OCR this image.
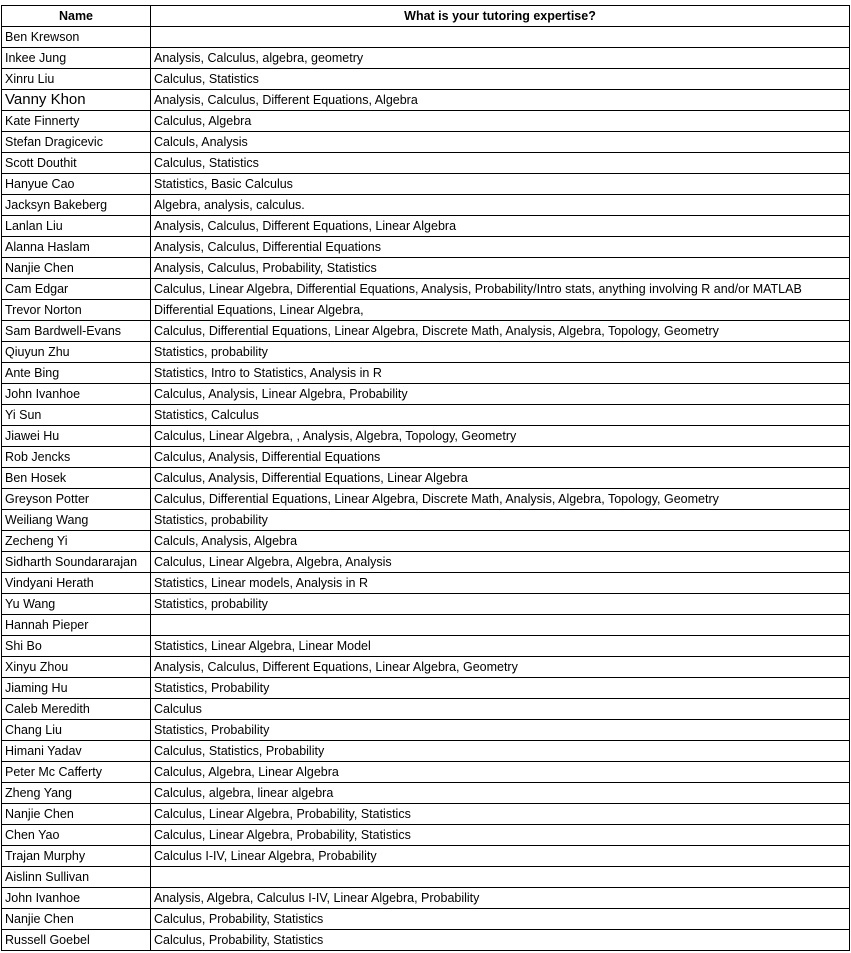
Name	What is your tutoring expertise?
Ben Krewson	
Inkee Jung	Analysis, Calculus, algebra, geometry
Xinru Liu	Calculus, Statistics
Vanny Khon	Analysis, Calculus, Different Equations, Algebra
Kate Finnerty	Calculus, Algebra
Stefan Dragicevic	Calculs, Analysis
Scott Douthit	Calculus, Statistics
Hanyue Cao	Statistics, Basic Calculus
Jacksyn Bakeberg	Algebra, analysis, calculus.
Lanlan Liu	Analysis, Calculus, Different Equations, Linear Algebra
Alanna Haslam	Analysis, Calculus, Differential Equations
Nanjie Chen	Analysis, Calculus, Probability, Statistics
Cam Edgar	Calculus, Linear Algebra, Differential Equations, Analysis, Probability/Intro stats, anything involving R and/or MATLAB
Trevor Norton	Differential Equations, Linear Algebra,
Sam Bardwell-Evans	Calculus, Differential Equations, Linear Algebra, Discrete Math, Analysis, Algebra, Topology, Geometry
Qiuyun Zhu	Statistics, probability
Ante Bing	Statistics, Intro to Statistics, Analysis in R
John Ivanhoe	Calculus, Analysis, Linear Algebra, Probability
Yi Sun	Statistics, Calculus
Jiawei Hu	Calculus, Linear Algebra, , Analysis, Algebra, Topology, Geometry
Rob Jencks	Calculus, Analysis, Differential Equations
Ben Hosek	Calculus, Analysis, Differential Equations, Linear Algebra
Greyson Potter	Calculus, Differential Equations, Linear Algebra, Discrete Math, Analysis, Algebra, Topology, Geometry
Weiliang Wang	Statistics, probability
Zecheng Yi	Calculs, Analysis, Algebra
Sidharth Soundararajan	Calculus, Linear Algebra, Algebra, Analysis
Vindyani Herath	Statistics, Linear models, Analysis in R
Yu Wang	Statistics, probability
Hannah Pieper	
Shi Bo	Statistics, Linear Algebra, Linear Model
Xinyu Zhou	Analysis, Calculus, Different Equations, Linear Algebra, Geometry
Jiaming Hu	Statistics, Probability
Caleb Meredith	Calculus
Chang Liu	Statistics, Probability
Himani Yadav	Calculus, Statistics, Probability
Peter Mc Cafferty	Calculus, Algebra, Linear Algebra
Zheng Yang	Calculus, algebra, linear algebra
Nanjie Chen	Calculus, Linear Algebra, Probability, Statistics
Chen Yao	Calculus, Linear Algebra, Probability, Statistics
Trajan Murphy	Calculus I-IV, Linear Algebra, Probability
Aislinn Sullivan	
John Ivanhoe	Analysis, Algebra, Calculus I-IV, Linear Algebra, Probability
Nanjie Chen	Calculus, Probability, Statistics
Russell Goebel	Calculus, Probability, Statistics
